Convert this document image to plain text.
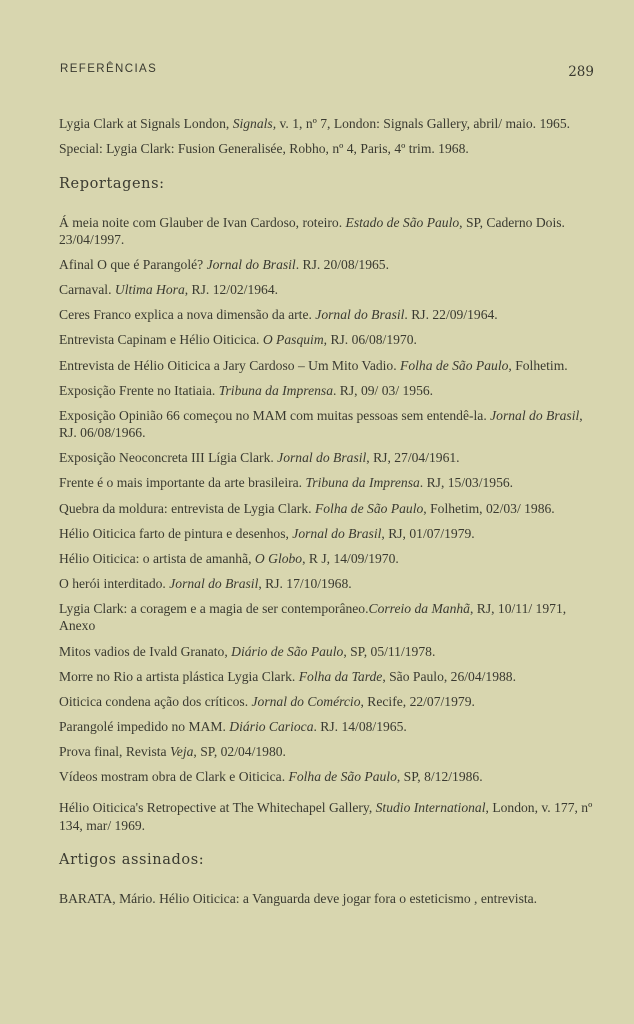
REFERÊNCIAS	289
Lygia Clark at Signals London, Signals, v. 1, nº 7, London: Signals Gallery, abril/ maio. 1965.
Special: Lygia Clark: Fusion Generalisée, Robho, nº 4, Paris, 4º trim. 1968.
Reportagens:
Á meia noite com Glauber de Ivan Cardoso, roteiro. Estado de São Paulo, SP, Caderno Dois. 23/04/1997.
Afinal O que é Parangolé? Jornal do Brasil. RJ. 20/08/1965.
Carnaval. Ultima Hora, RJ. 12/02/1964.
Ceres Franco explica a nova dimensão da arte. Jornal do Brasil. RJ. 22/09/1964.
Entrevista Capinam e Hélio Oiticica. O Pasquim, RJ. 06/08/1970.
Entrevista de Hélio Oiticica a Jary Cardoso – Um Mito Vadio. Folha de São Paulo, Folhetim.
Exposição Frente no Itatiaia. Tribuna da Imprensa. RJ, 09/ 03/ 1956.
Exposição Opinião 66 começou no MAM com muitas pessoas sem entendê-la. Jornal do Brasil, RJ. 06/08/1966.
Exposição Neoconcreta III Lígia Clark. Jornal do Brasil, RJ, 27/04/1961.
Frente é o mais importante da arte brasileira. Tribuna da Imprensa. RJ, 15/03/1956.
Quebra da moldura: entrevista de Lygia Clark. Folha de São Paulo, Folhetim, 02/03/ 1986.
Hélio Oiticica farto de pintura e desenhos, Jornal do Brasil, RJ, 01/07/1979.
Hélio Oiticica: o artista de amanhã, O Globo, R J, 14/09/1970.
O herói interditado. Jornal do Brasil, RJ. 17/10/1968.
Lygia Clark: a coragem e a magia de ser contemporâneo.Correio da Manhã, RJ, 10/11/ 1971, Anexo
Mitos vadios de Ivald Granato, Diário de São Paulo, SP, 05/11/1978.
Morre no Rio a artista plástica Lygia Clark. Folha da Tarde, São Paulo, 26/04/1988.
Oiticica condena ação dos críticos. Jornal do Comércio, Recife, 22/07/1979.
Parangolé impedido no MAM. Diário Carioca. RJ. 14/08/1965.
Prova final, Revista Veja, SP, 02/04/1980.
Vídeos mostram obra de Clark e Oiticica. Folha de São Paulo, SP, 8/12/1986.
Hélio Oiticica's Retropective at The Whitechapel Gallery, Studio International, London, v. 177, nº 134, mar/ 1969.
Artigos assinados:
BARATA, Mário. Hélio Oiticica: a Vanguarda deve jogar fora o esteticismo , entrevista.
